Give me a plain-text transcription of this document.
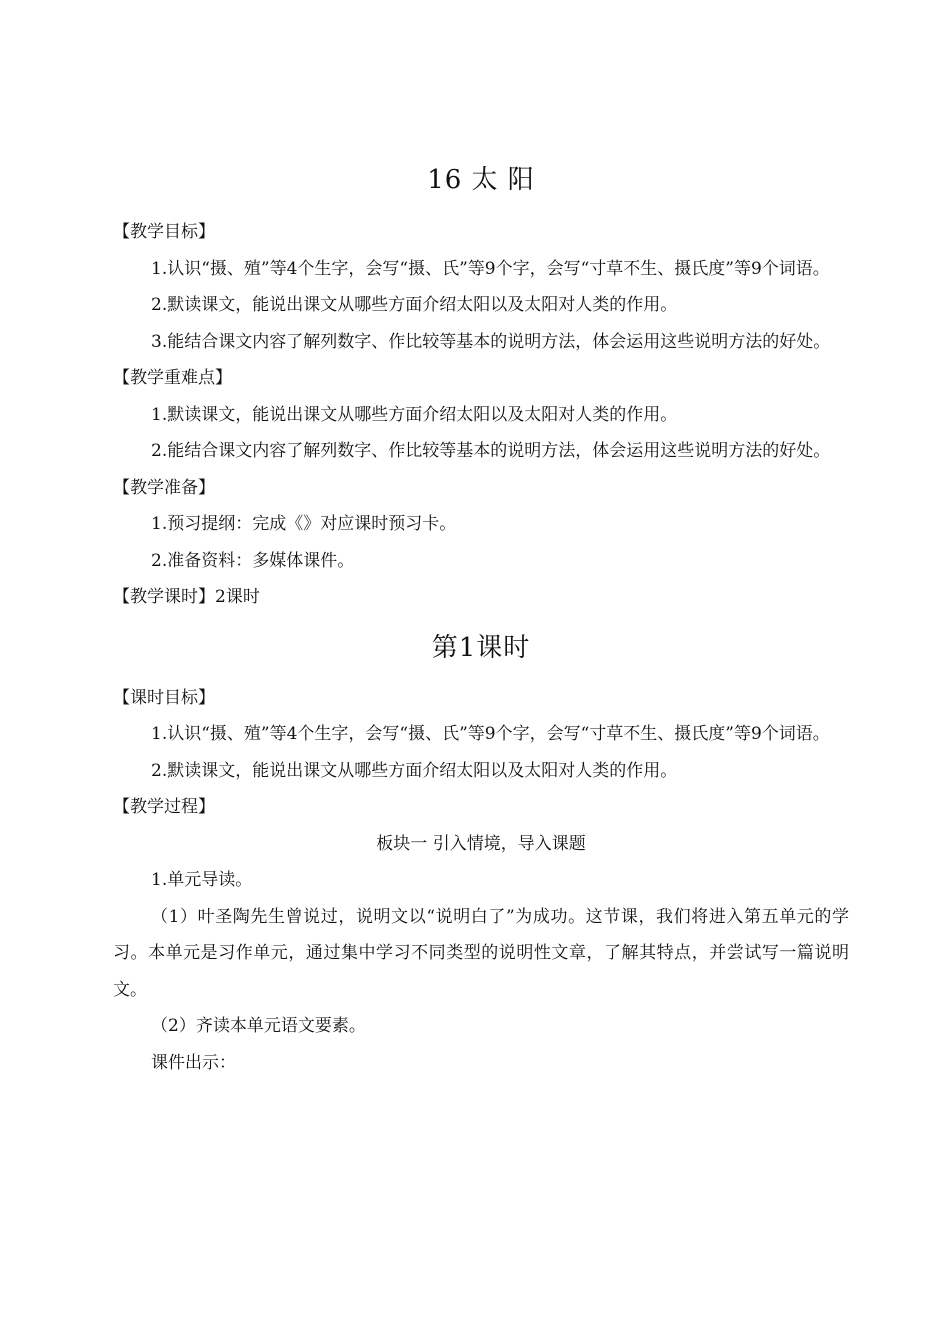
16 太 阳

【教学目标】

1.认识“摄、殖”等4个生字，会写“摄、氏”等9个字，会写“寸草不生、摄氏度”等9个词语。

2.默读课文，能说出课文从哪些方面介绍太阳以及太阳对人类的作用。

3.能结合课文内容了解列数字、作比较等基本的说明方法，体会运用这些说明方法的好处。

【教学重难点】

1.默读课文，能说出课文从哪些方面介绍太阳以及太阳对人类的作用。

2.能结合课文内容了解列数字、作比较等基本的说明方法，体会运用这些说明方法的好处。

【教学准备】

1.预习提纲：完成《》对应课时预习卡。

2.准备资料：多媒体课件。

【教学课时】2课时

第1课时

【课时目标】

1.认识“摄、殖”等4个生字，会写“摄、氏”等9个字，会写“寸草不生、摄氏度”等9个词语。

2.默读课文，能说出课文从哪些方面介绍太阳以及太阳对人类的作用。

【教学过程】

板块一 引入情境，导入课题

1.单元导读。

（1）叶圣陶先生曾说过，说明文以“说明白了”为成功。这节课，我们将进入第五单元的学习。本单元是习作单元，通过集中学习不同类型的说明性文章，了解其特点，并尝试写一篇说明文。

（2）齐读本单元语文要素。

课件出示：
